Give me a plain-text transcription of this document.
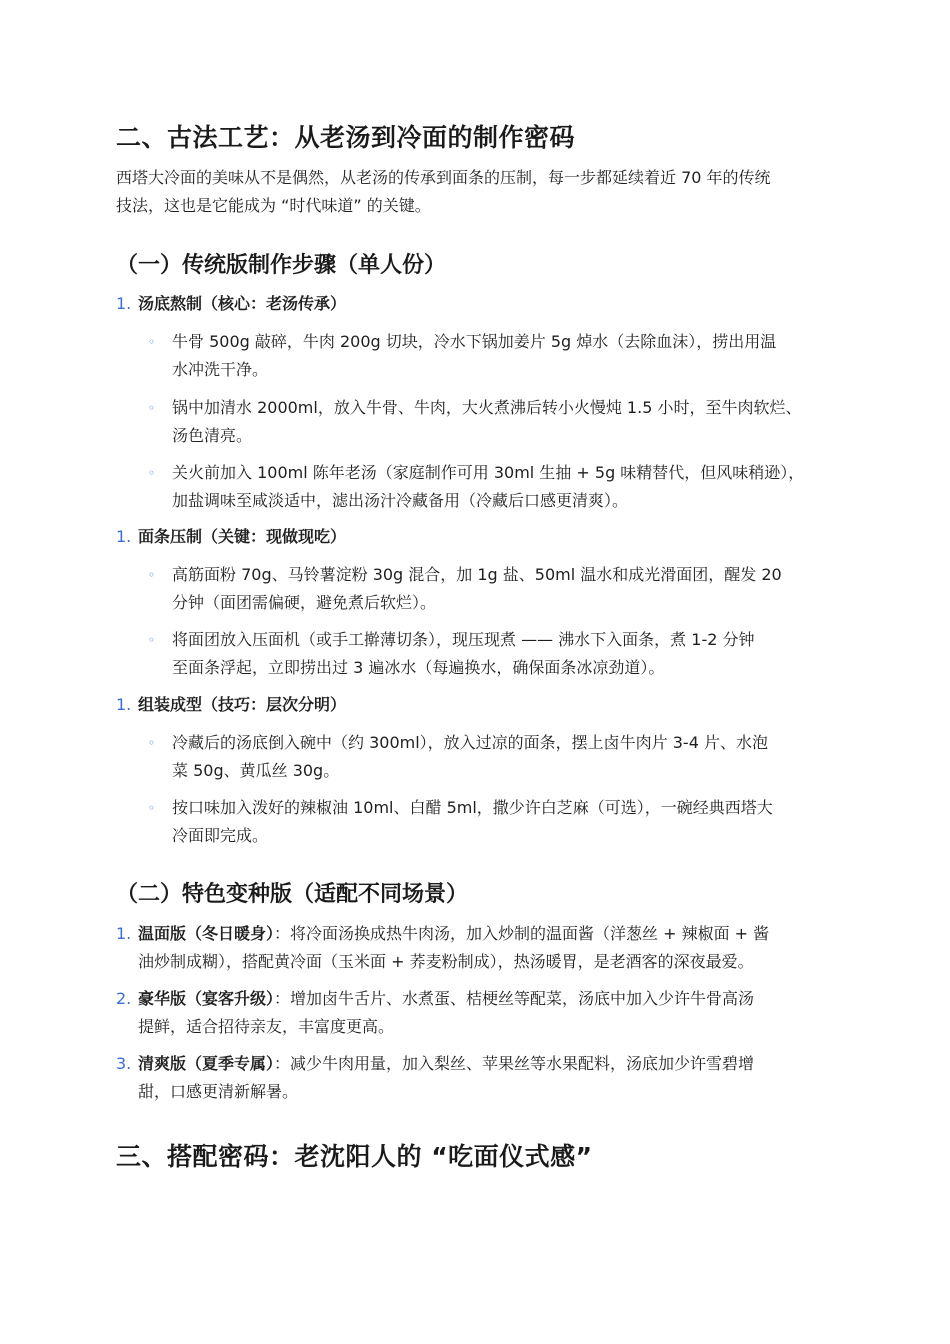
二、古法工艺：从老汤到冷面的制作密码

西塔大冷面的美味从不是偶然，从老汤的传承到面条的压制，每一步都延续着近 70 年的传统
技法，这也是它能成为 “时代味道” 的关键。

（一）传统版制作步骤（单人份）
1. 汤底熬制（核心：老汤传承）
◦ 牛骨 500g 敲碎，牛肉 200g 切块，冷水下锅加姜片 5g 焯水（去除血沫），捞出用温
水冲洗干净。
◦ 锅中加清水 2000ml，放入牛骨、牛肉，大火煮沸后转小火慢炖 1.5 小时，至牛肉软烂、
汤色清亮。
◦ 关火前加入 100ml 陈年老汤（家庭制作可用 30ml 生抽 + 5g 味精替代，但风味稍逊），
加盐调味至咸淡适中，滤出汤汁冷藏备用（冷藏后口感更清爽）。
1. 面条压制（关键：现做现吃）
◦ 高筋面粉 70g、马铃薯淀粉 30g 混合，加 1g 盐、50ml 温水和成光滑面团，醒发 20
分钟（面团需偏硬，避免煮后软烂）。
◦ 将面团放入压面机（或手工擀薄切条），现压现煮 —— 沸水下入面条，煮 1-2 分钟
至面条浮起，立即捞出过 3 遍冰水（每遍换水，确保面条冰凉劲道）。
1. 组装成型（技巧：层次分明）
◦ 冷藏后的汤底倒入碗中（约 300ml），放入过凉的面条，摆上卤牛肉片 3-4 片、水泡
菜 50g、黄瓜丝 30g。
◦ 按口味加入泼好的辣椒油 10ml、白醋 5ml，撒少许白芝麻（可选），一碗经典西塔大
冷面即完成。
（二）特色变种版（适配不同场景）
1. 温面版（冬日暖身）：将冷面汤换成热牛肉汤，加入炒制的温面酱（洋葱丝 + 辣椒面 + 酱
油炒制成糊），搭配黄冷面（玉米面 + 荞麦粉制成），热汤暖胃，是老酒客的深夜最爱。
2. 豪华版（宴客升级）：增加卤牛舌片、水煮蛋、桔梗丝等配菜，汤底中加入少许牛骨高汤
提鲜，适合招待亲友，丰富度更高。
3. 清爽版（夏季专属）：减少牛肉用量，加入梨丝、苹果丝等水果配料，汤底加少许雪碧增
甜，口感更清新解暑。
三、搭配密码：老沈阳人的 “吃面仪式感”
